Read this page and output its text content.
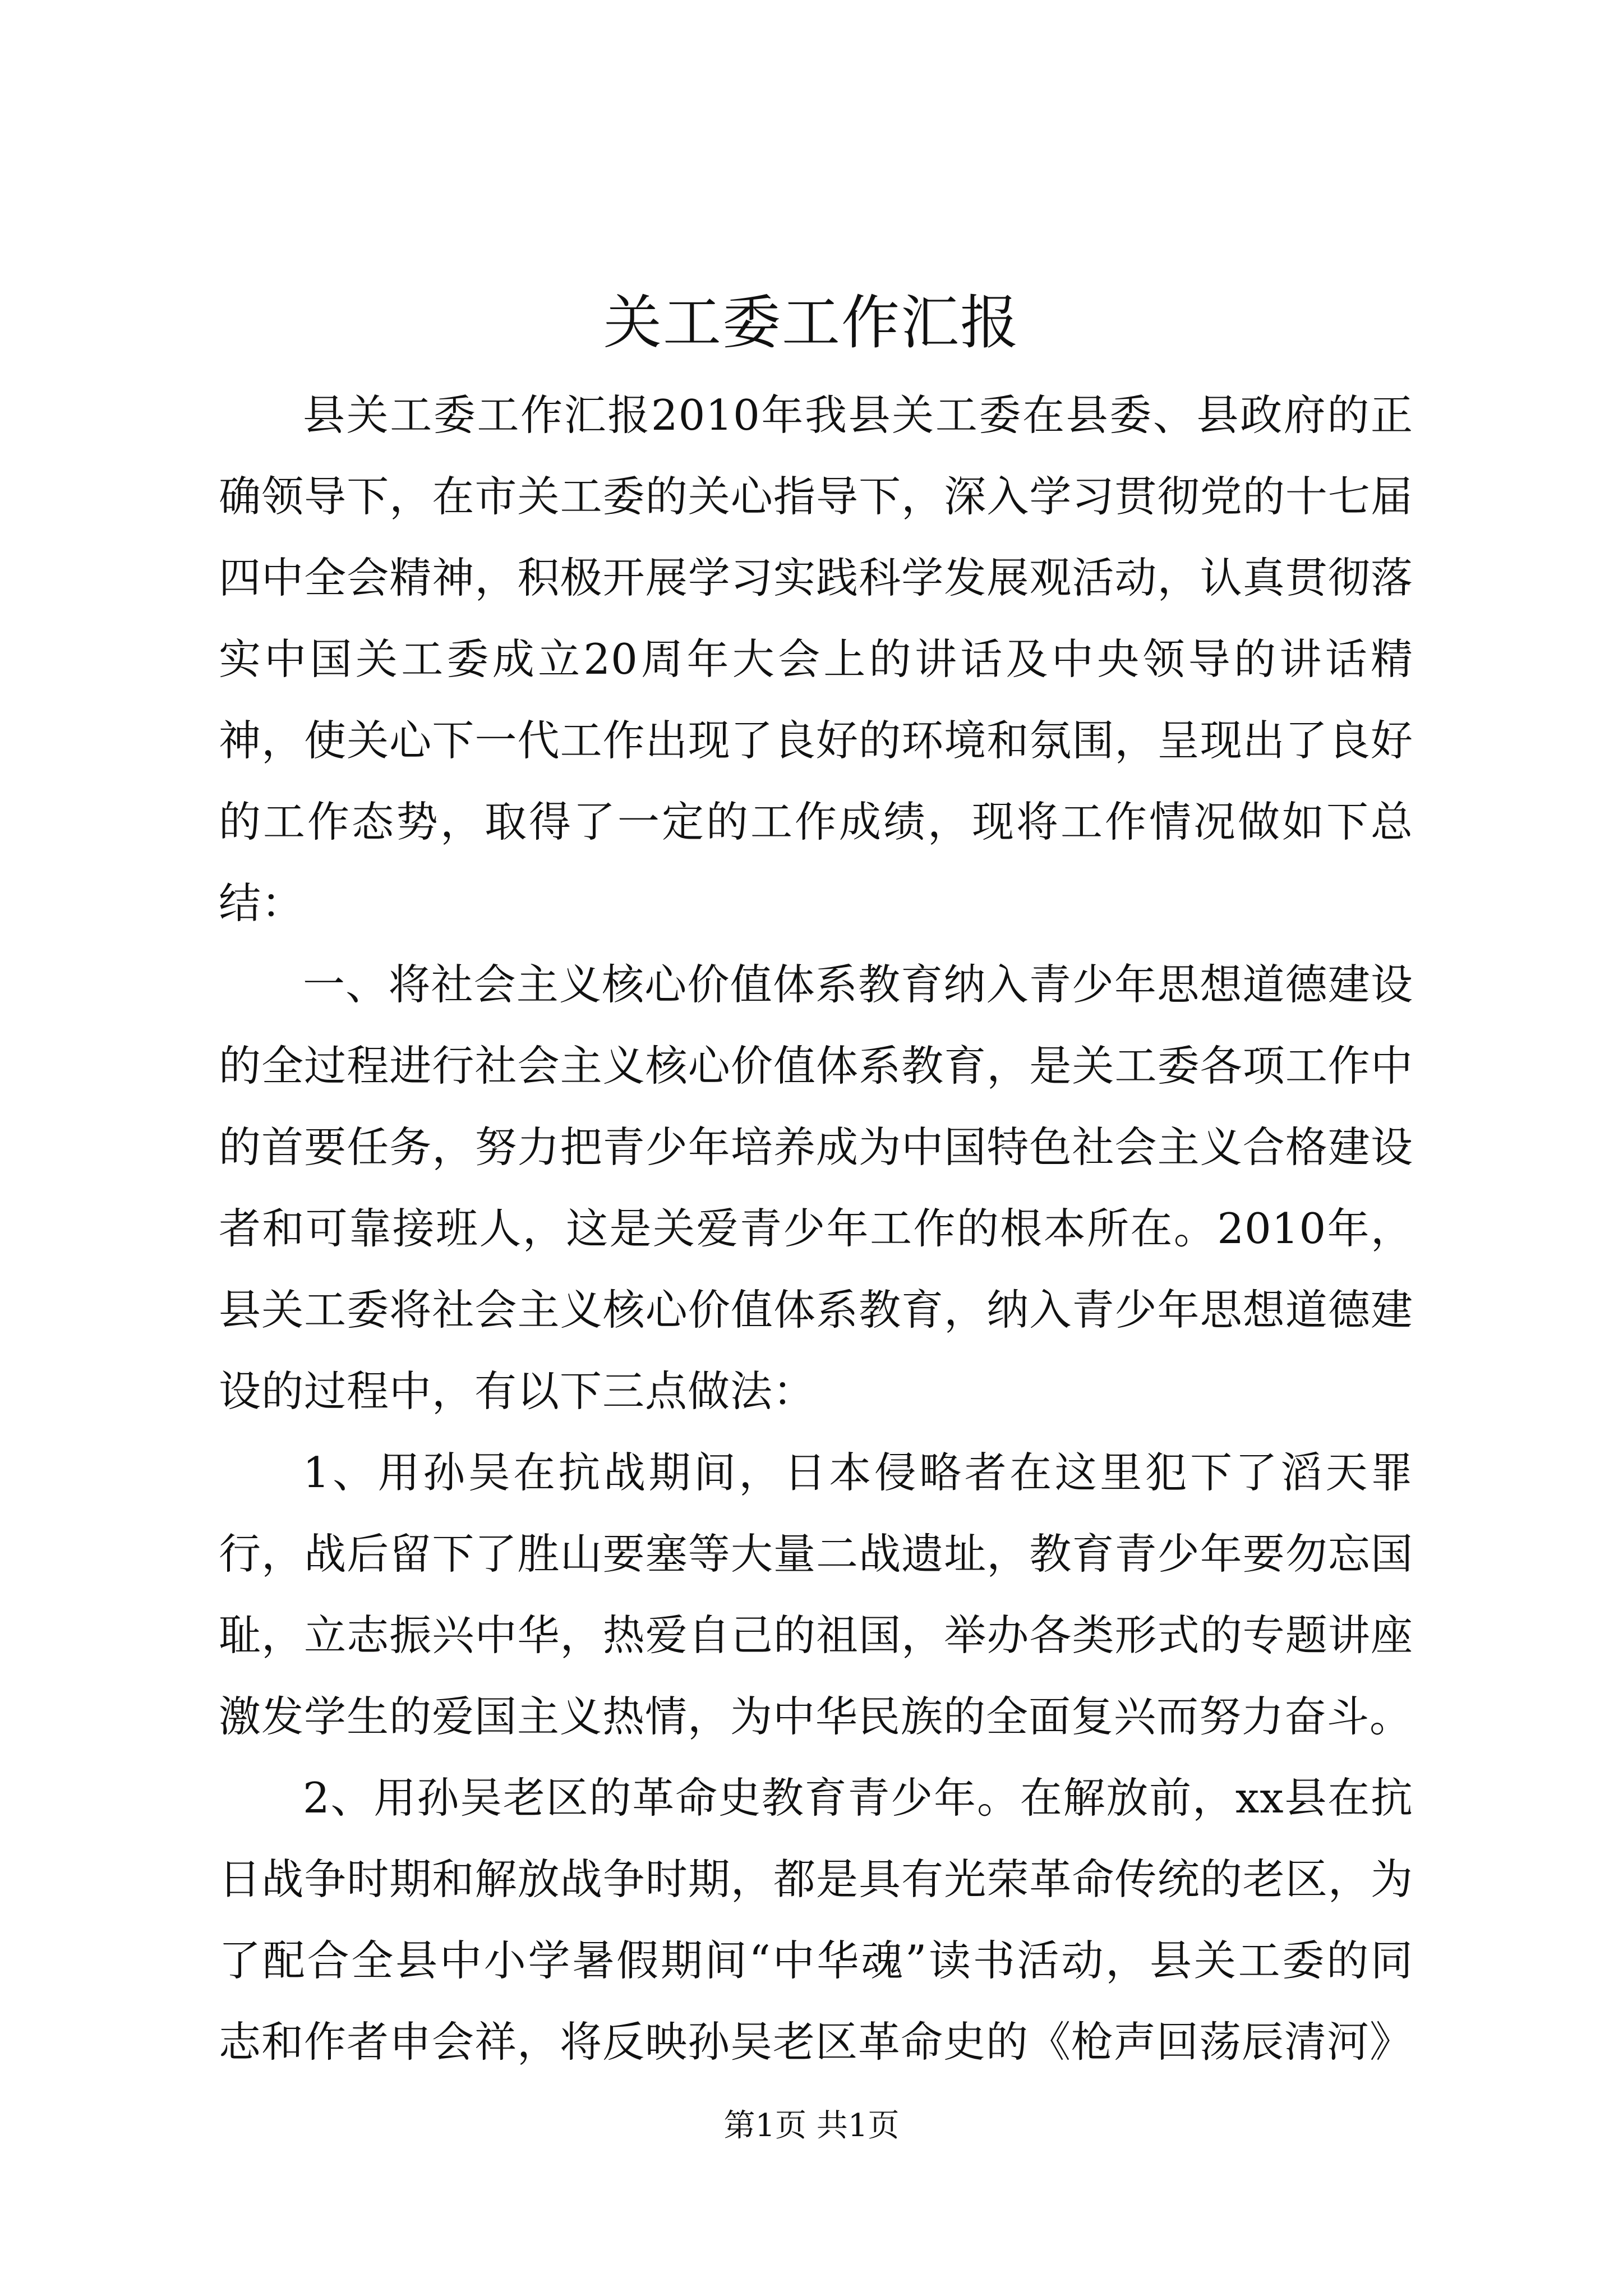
关工委工作汇报

县关工委工作汇报2010年我县关工委在县委、县政府的正确领导下，在市关工委的关心指导下，深入学习贯彻党的十七届四中全会精神，积极开展学习实践科学发展观活动，认真贯彻落实中国关工委成立20周年大会上的讲话及中央领导的讲话精神，使关心下一代工作出现了良好的环境和氛围，呈现出了良好的工作态势，取得了一定的工作成绩，现将工作情况做如下总结：

一、将社会主义核心价值体系教育纳入青少年思想道德建设的全过程进行社会主义核心价值体系教育，是关工委各项工作中的首要任务，努力把青少年培养成为中国特色社会主义合格建设者和可靠接班人，这是关爱青少年工作的根本所在。2010年，县关工委将社会主义核心价值体系教育，纳入青少年思想道德建设的过程中，有以下三点做法：

1、用孙吴在抗战期间，日本侵略者在这里犯下了滔天罪行，战后留下了胜山要塞等大量二战遗址，教育青少年要勿忘国耻，立志振兴中华，热爱自己的祖国，举办各类形式的专题讲座激发学生的爱国主义热情，为中华民族的全面复兴而努力奋斗。

2、用孙吴老区的革命史教育青少年。在解放前，xx县在抗日战争时期和解放战争时期，都是具有光荣革命传统的老区，为了配合全县中小学暑假期间“中华魂”读书活动，县关工委的同志和作者申会祥，将反映孙吴老区革命史的《枪声回荡辰清河》

第1页 共1页
